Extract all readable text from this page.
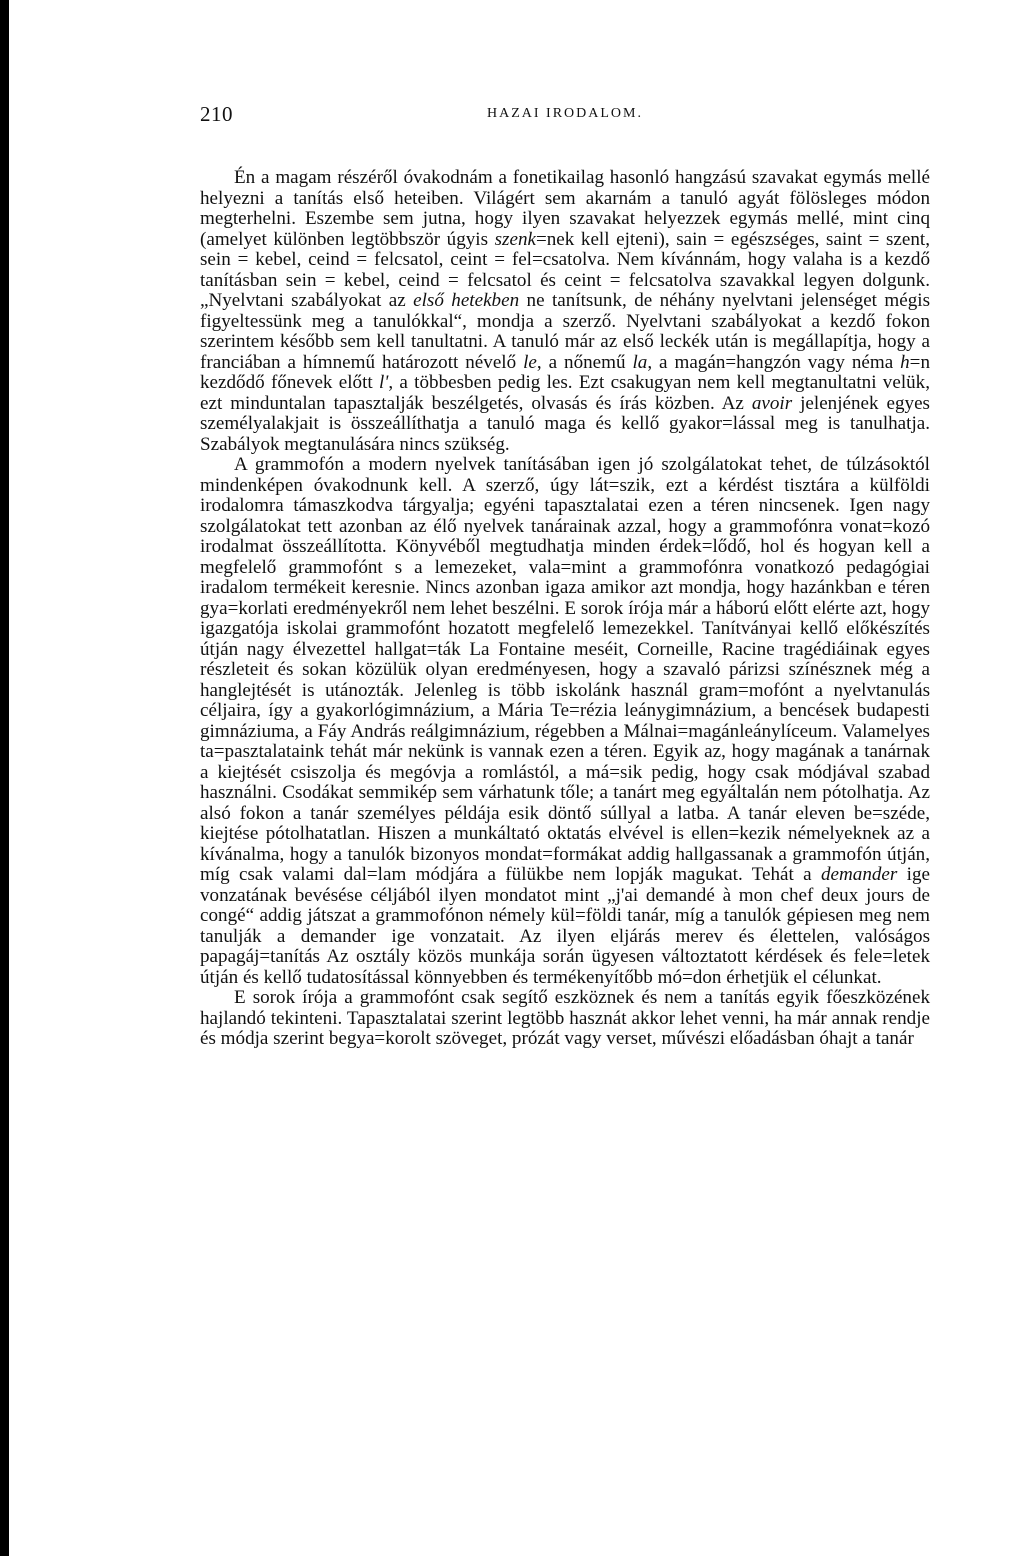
210	HAZAI IRODALOM.

Én a magam részéről óvakodnám a fonetikailag hasonló hangzású szavakat egymás mellé helyezni a tanítás első heteiben. Világért sem akarnám a tanuló agyát fölösleges módon megterhelni. Eszembe sem jutna, hogy ilyen szavakat helyezzek egymás mellé, mint cinq (amelyet különben legtöbbször úgyis szenk=nek kell ejteni), sain = egészséges, saint = szent, sein = kebel, ceind = felcsatol, ceint = fel=csatolva. Nem kívánnám, hogy valaha is a kezdő tanításban sein = kebel, ceind = felcsatol és ceint = felcsatolva szavakkal legyen dolgunk. „Nyelvtani szabályokat az első hetekben ne tanítsunk, de néhány nyelvtani jelenséget mégis figyeltessünk meg a tanulókkal“, mondja a szerző. Nyelvtani szabályokat a kezdő fokon szerintem később sem kell tanultatni. A tanuló már az első leckék után is megállapítja, hogy a franciában a hímnemű határozott névelő le, a nőnemű la, a magán=hangzón vagy néma h=n kezdődő főnevek előtt l', a többesben pedig les. Ezt csakugyan nem kell megtanultatni velük, ezt minduntalan tapasztalják beszélgetés, olvasás és írás közben. Az avoir jelenjének egyes személyalakjait is összeállíthatja a tanuló maga és kellő gyakor=lással meg is tanulhatja. Szabályok megtanulására nincs szükség.

A grammofón a modern nyelvek tanításában igen jó szolgálatokat tehet, de túlzásoktól mindenképen óvakodnunk kell. A szerző, úgy lát=szik, ezt a kérdést tisztára a külföldi irodalomra támaszkodva tárgyalja; egyéni tapasztalatai ezen a téren nincsenek. Igen nagy szolgálatokat tett azonban az élő nyelvek tanárainak azzal, hogy a grammofónra vonat=kozó irodalmat összeállította. Könyvéből megtudhatja minden érdek=lődő, hol és hogyan kell a megfelelő grammofónt s a lemezeket, vala=mint a grammofónra vonatkozó pedagógiai iradalom termékeit keresnie. Nincs azonban igaza amikor azt mondja, hogy hazánkban e téren gya=korlati eredményekről nem lehet beszélni. E sorok írója már a háború előtt elérte azt, hogy igazgatója iskolai grammofónt hozatott megfelelő lemezekkel. Tanítványai kellő előkészítés útján nagy élvezettel hallgat=ták La Fontaine meséit, Corneille, Racine tragédiáinak egyes részleteit és sokan közülük olyan eredményesen, hogy a szavaló párizsi színésznek még a hanglejtését is utánozták. Jelenleg is több iskolánk használ gram=mofónt a nyelvtanulás céljaira, így a gyakorlógimnázium, a Mária Te=rézia leánygimnázium, a bencések budapesti gimnáziuma, a Fáy András reálgimnázium, régebben a Málnai=magánleánylíceum. Valamelyes ta=pasztalataink tehát már nekünk is vannak ezen a téren. Egyik az, hogy magának a tanárnak a kiejtését csiszolja és megóvja a romlástól, a má=sik pedig, hogy csak módjával szabad használni. Csodákat semmikép sem várhatunk tőle; a tanárt meg egyáltalán nem pótolhatja. Az alsó fokon a tanár személyes példája esik döntő súllyal a latba. A tanár eleven be=széde, kiejtése pótolhatatlan. Hiszen a munkáltató oktatás elvével is ellen=kezik némelyeknek az a kívánalma, hogy a tanulók bizonyos mondat=formákat addig hallgassanak a grammofón útján, míg csak valami dal=lam módjára a fülükbe nem lopják magukat. Tehát a demander ige vonzatának bevésése céljából ilyen mondatot mint „j'ai demandé à mon chef deux jours de congé“ addig játszat a grammofónon némely kül=földi tanár, míg a tanulók gépiesen meg nem tanulják a demander ige vonzatait. Az ilyen eljárás merev és élettelen, valóságos papagáj=tanítás Az osztály közös munkája során ügyesen változtatott kérdések és fele=letek útján és kellő tudatosítással könnyebben és termékenyítőbb mó=don érhetjük el célunkat.

E sorok írója a grammofónt csak segítő eszköznek és nem a tanítás egyik főeszközének hajlandó tekinteni. Tapasztalatai szerint legtöbb hasznát akkor lehet venni, ha már annak rendje és módja szerint begya=korolt szöveget, prózát vagy verset, művészi előadásban óhajt a tanár
